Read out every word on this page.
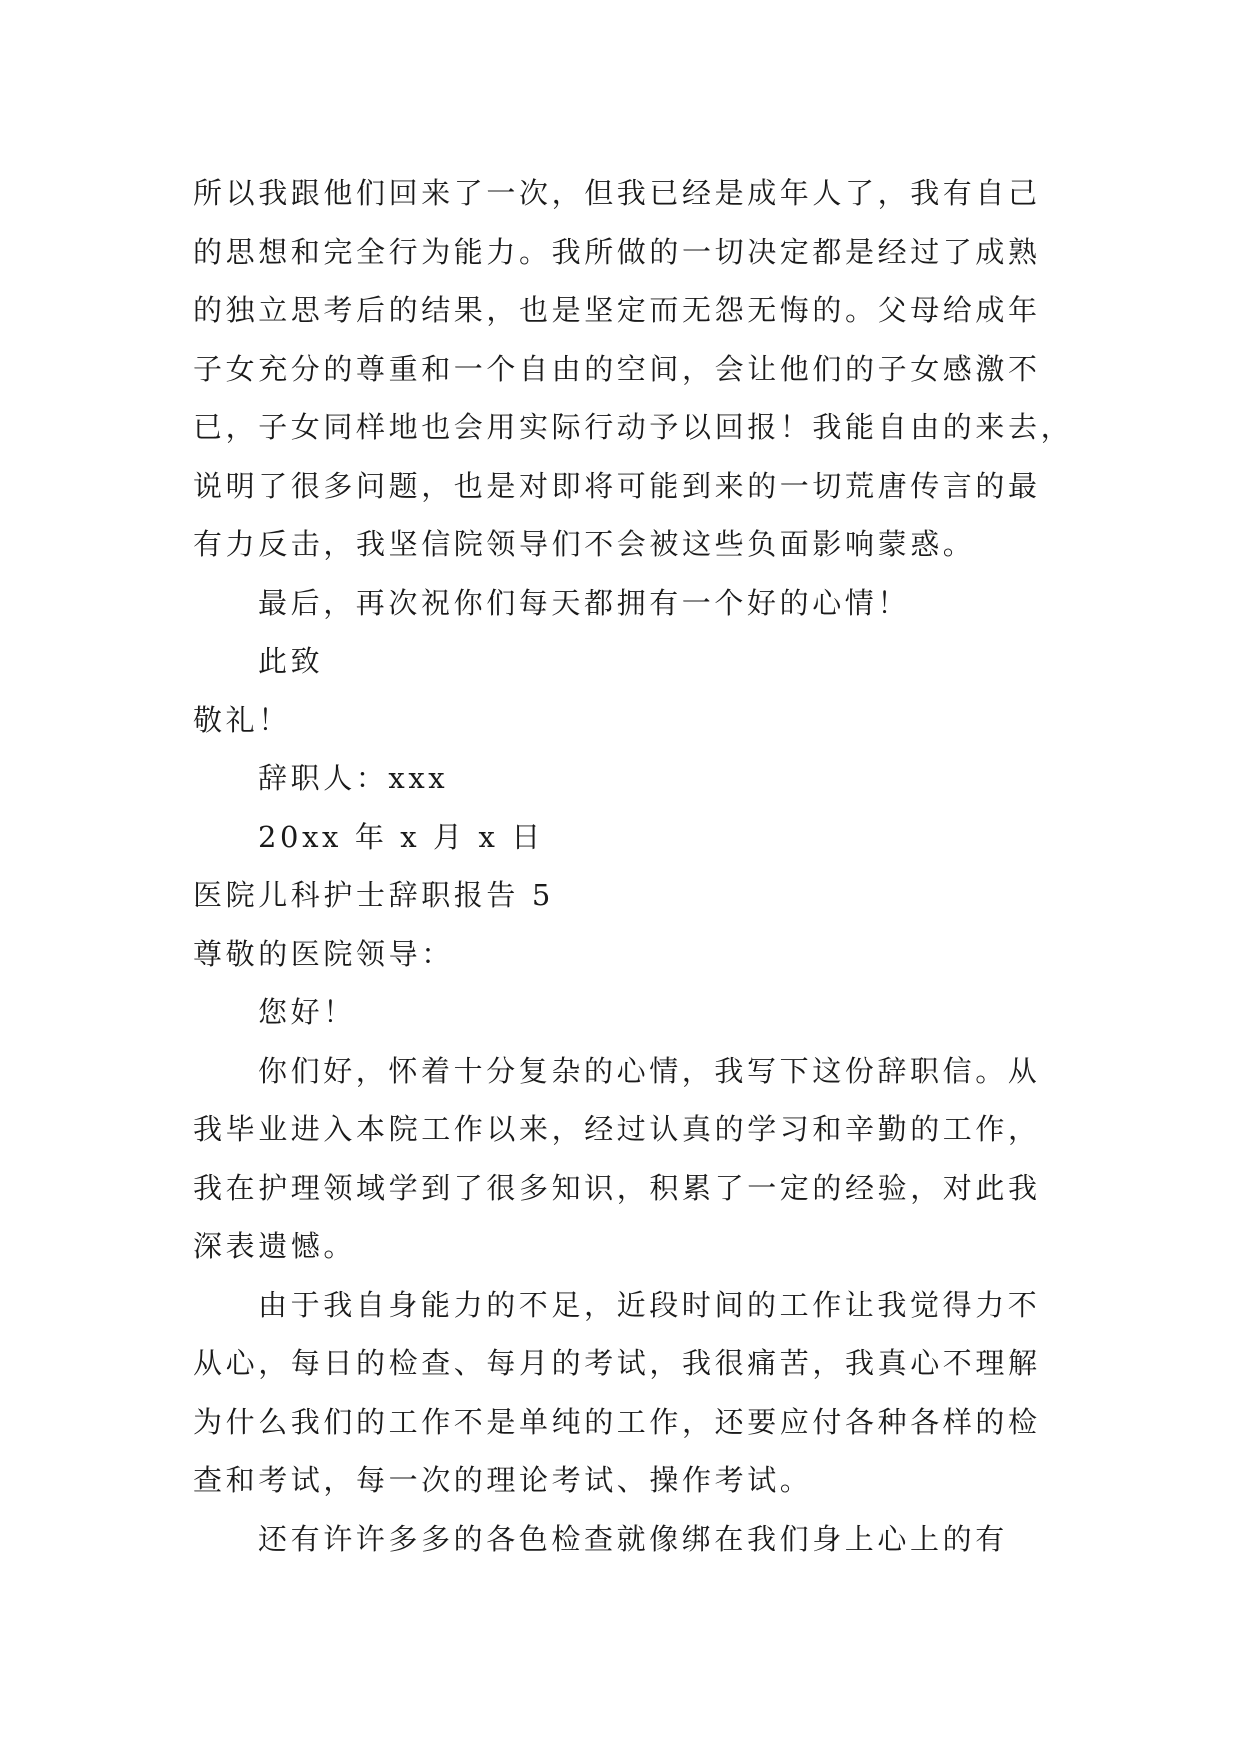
所以我跟他们回来了一次，但我已经是成年人了，我有自己
的思想和完全行为能力。我所做的一切决定都是经过了成熟
的独立思考后的结果，也是坚定而无怨无悔的。父母给成年
子女充分的尊重和一个自由的空间，会让他们的子女感激不
已，子女同样地也会用实际行动予以回报！我能自由的来去，
说明了很多问题，也是对即将可能到来的一切荒唐传言的最
有力反击，我坚信院领导们不会被这些负面影响蒙惑。
最后，再次祝你们每天都拥有一个好的心情！
此致
敬礼！
辞职人：xxx
20xx 年 x 月 x 日
医院儿科护士辞职报告 5
尊敬的医院领导：
您好！
你们好，怀着十分复杂的心情，我写下这份辞职信。从
我毕业进入本院工作以来，经过认真的学习和辛勤的工作，
我在护理领域学到了很多知识，积累了一定的经验，对此我
深表遗憾。
由于我自身能力的不足，近段时间的工作让我觉得力不
从心，每日的检查、每月的考试，我很痛苦，我真心不理解
为什么我们的工作不是单纯的工作，还要应付各种各样的检
查和考试，每一次的理论考试、操作考试。
还有许许多多的各色检查就像绑在我们身上心上的有
